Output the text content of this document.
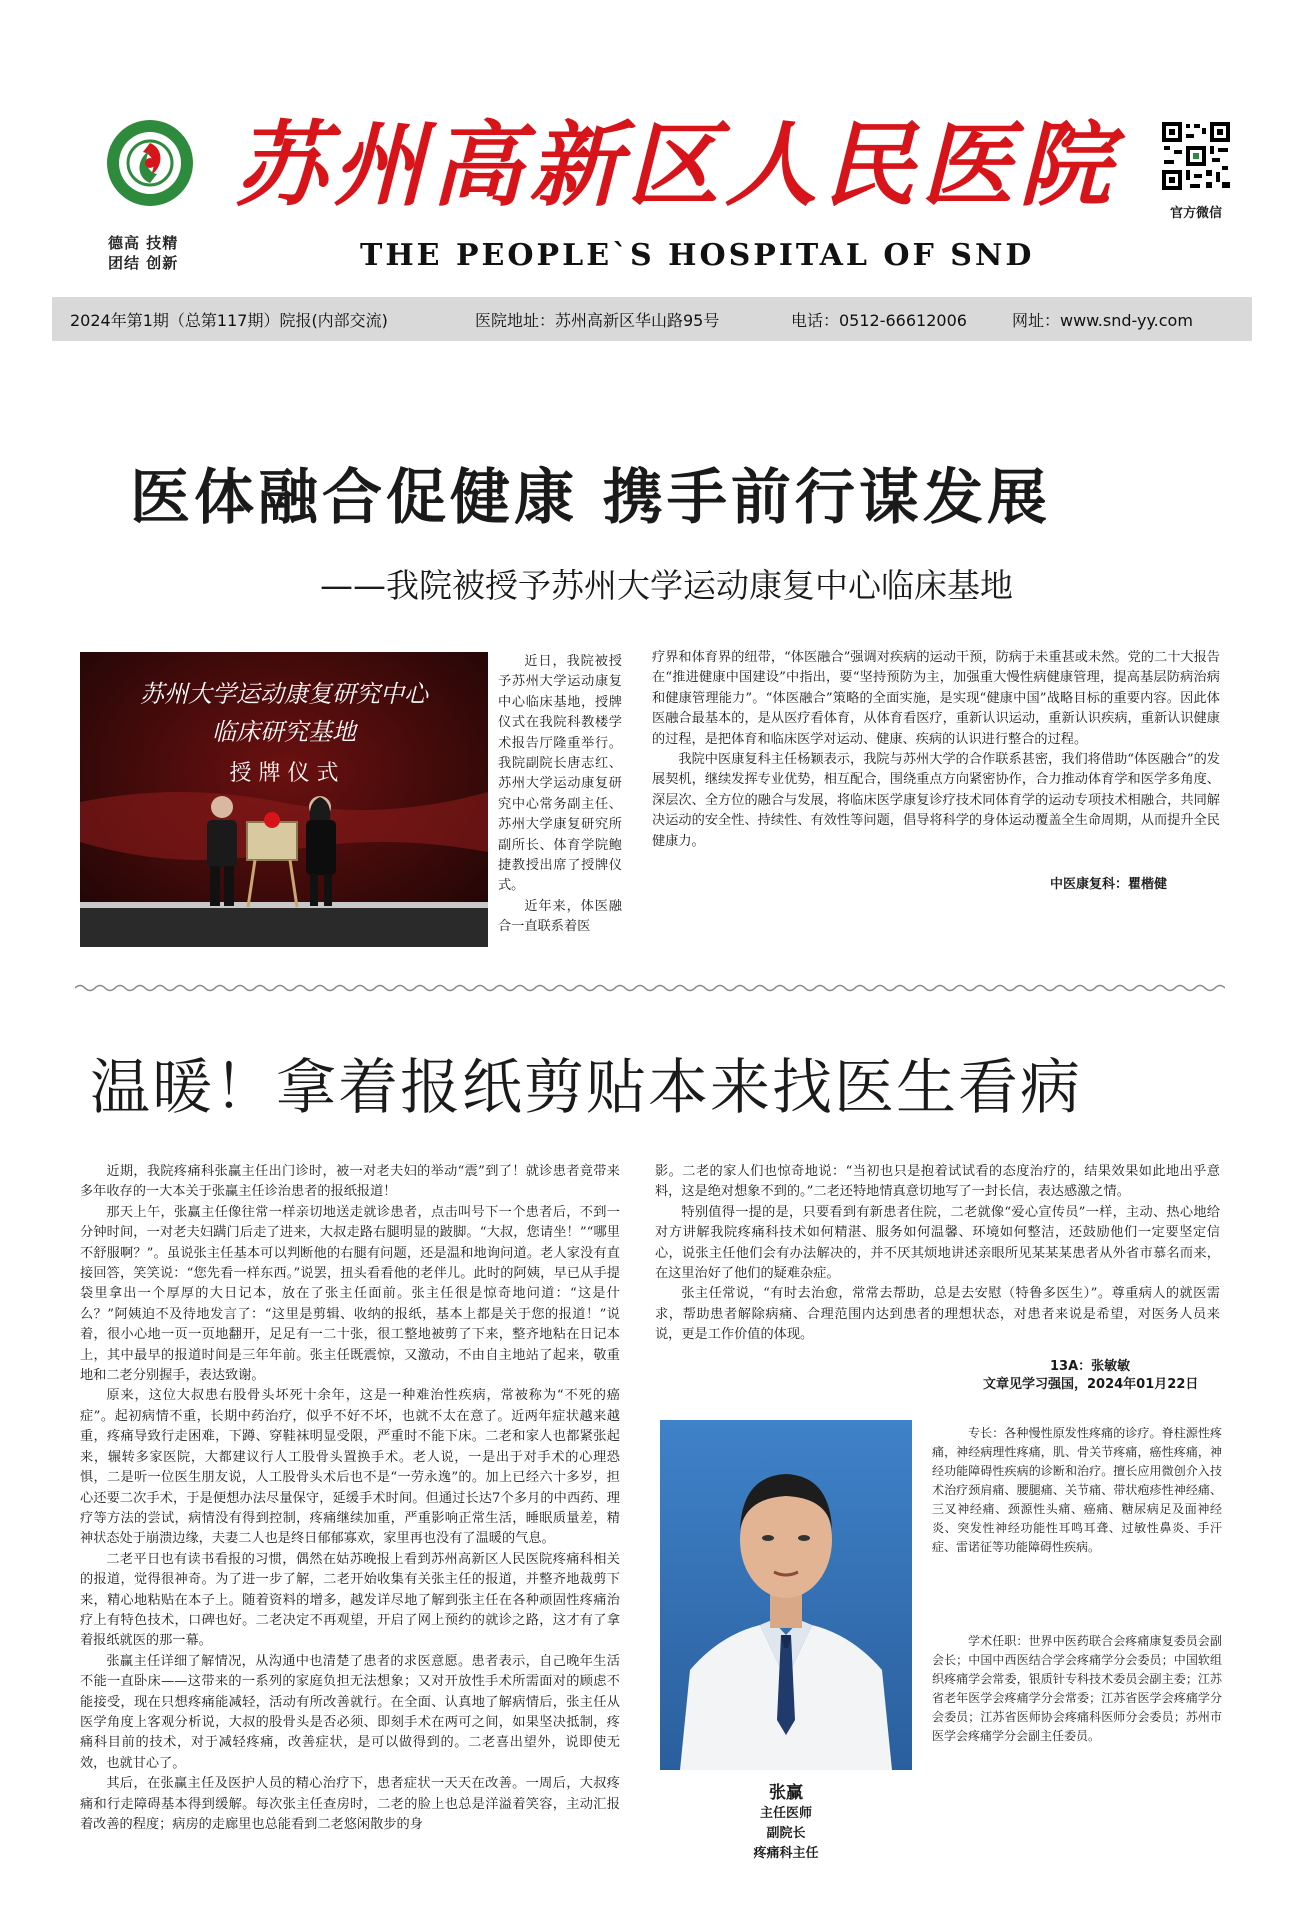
德高 技精
团结 创新
苏州高新区人民医院
THE PEOPLE`S HOSPITAL OF SND
官方微信
2024年第1期（总第117期）院报(内部交流)	医院地址：苏州高新区华山路95号	电话：0512-66612006	网址：www.snd-yy.com
医体融合促健康 携手前行谋发展
——我院被授予苏州大学运动康复中心临床基地
苏州大学运动康复研究中心
临床研究基地
授 牌 仪 式

近日，我院被授予苏州大学运动康复中心临床基地，授牌仪式在我院科教楼学术报告厅隆重举行。我院副院长唐志红、苏州大学运动康复研究中心常务副主任、苏州大学康复研究所副所长、体育学院鲍捷教授出席了授牌仪式。

近年来，体医融合一直联系着医

疗界和体育界的纽带，“体医融合”强调对疾病的运动干预，防病于未重甚或未然。党的二十大报告在“推进健康中国建设”中指出，要“坚持预防为主，加强重大慢性病健康管理，提高基层防病治病和健康管理能力”。“体医融合”策略的全面实施，是实现“健康中国”战略目标的重要内容。因此体医融合最基本的，是从医疗看体育，从体育看医疗，重新认识运动，重新认识疾病，重新认识健康的过程，是把体育和临床医学对运动、健康、疾病的认识进行整合的过程。

我院中医康复科主任杨颖表示，我院与苏州大学的合作联系甚密，我们将借助“体医融合”的发展契机，继续发挥专业优势，相互配合，围绕重点方向紧密协作，合力推动体育学和医学多角度、深层次、全方位的融合与发展，将临床医学康复诊疗技术同体育学的运动专项技术相融合，共同解决运动的安全性、持续性、有效性等问题，倡导将科学的身体运动覆盖全生命周期，从而提升全民健康力。

中医康复科：瞿楷健
温暖！拿着报纸剪贴本来找医生看病

近期，我院疼痛科张赢主任出门诊时，被一对老夫妇的举动“震”到了！就诊患者竟带来多年收存的一大本关于张赢主任诊治患者的报纸报道！

那天上午，张赢主任像往常一样亲切地送走就诊患者，点击叫号下一个患者后，不到一分钟时间，一对老夫妇蹒门后走了进来，大叔走路右腿明显的跛脚。“大叔，您请坐！”“哪里不舒服啊？”。虽说张主任基本可以判断他的右腿有问题，还是温和地询问道。老人家没有直接回答，笑笑说：“您先看一样东西。”说罢，扭头看看他的老伴儿。此时的阿姨，早已从手提袋里拿出一个厚厚的大日记本，放在了张主任面前。张主任很是惊奇地问道：“这是什么？”阿姨迫不及待地发言了：“这里是剪辑、收纳的报纸，基本上都是关于您的报道！”说着，很小心地一页一页地翻开，足足有一二十张，很工整地被剪了下来，整齐地粘在日记本上，其中最早的报道时间是三年年前。张主任既震惊，又激动，不由自主地站了起来，敬重地和二老分别握手，表达致谢。

原来，这位大叔患右股骨头坏死十余年，这是一种难治性疾病，常被称为“不死的癌症”。起初病情不重，长期中药治疗，似乎不好不坏，也就不太在意了。近两年症状越来越重，疼痛导致行走困难，下蹲、穿鞋袜明显受限，严重时不能下床。二老和家人也都紧张起来，辗转多家医院，大都建议行人工股骨头置换手术。老人说，一是出于对手术的心理恐惧，二是听一位医生朋友说，人工股骨头术后也不是“一劳永逸”的。加上已经六十多岁，担心还要二次手术，于是便想办法尽量保守，延缓手术时间。但通过长达7个多月的中西药、理疗等方法的尝试，病情没有得到控制，疼痛继续加重，严重影响正常生活，睡眠质量差，精神状态处于崩溃边缘，夫妻二人也是终日郁郁寡欢，家里再也没有了温暖的气息。

二老平日也有读书看报的习惯，偶然在姑苏晚报上看到苏州高新区人民医院疼痛科相关的报道，觉得很神奇。为了进一步了解，二老开始收集有关张主任的报道，并整齐地裁剪下来，精心地粘贴在本子上。随着资料的增多，越发详尽地了解到张主任在各种顽固性疼痛治疗上有特色技术，口碑也好。二老决定不再观望，开启了网上预约的就诊之路，这才有了拿着报纸就医的那一幕。

张赢主任详细了解情况，从沟通中也清楚了患者的求医意愿。患者表示，自己晚年生活不能一直卧床——这带来的一系列的家庭负担无法想象；又对开放性手术所需面对的顾虑不能接受，现在只想疼痛能减轻，活动有所改善就行。在全面、认真地了解病情后，张主任从医学角度上客观分析说，大叔的股骨头是否必须、即刻手术在两可之间，如果坚决抵制，疼痛科目前的技术，对于减轻疼痛，改善症状，是可以做得到的。二老喜出望外，说即使无效，也就甘心了。

其后，在张赢主任及医护人员的精心治疗下，患者症状一天天在改善。一周后，大叔疼痛和行走障碍基本得到缓解。每次张主任查房时，二老的脸上也总是洋溢着笑容，主动汇报着改善的程度；病房的走廊里也总能看到二老悠闲散步的身

影。二老的家人们也惊奇地说：“当初也只是抱着试试看的态度治疗的，结果效果如此地出乎意料，这是绝对想象不到的。”二老还特地情真意切地写了一封长信，表达感激之情。

特别值得一提的是，只要看到有新患者住院，二老就像“爱心宣传员”一样，主动、热心地给对方讲解我院疼痛科技术如何精湛、服务如何温馨、环境如何整洁，还鼓励他们一定要坚定信心，说张主任他们会有办法解决的，并不厌其烦地讲述亲眼所见某某某患者从外省市慕名而来，在这里治好了他们的疑难杂症。

张主任常说，“有时去治愈，常常去帮助，总是去安慰（特鲁多医生）”。尊重病人的就医需求，帮助患者解除病痛、合理范围内达到患者的理想状态，对患者来说是希望，对医务人员来说，更是工作价值的体现。

13A：张敏敏
文章见学习强国，2024年01月22日
张赢
主任医师
副院长
疼痛科主任

专长：各种慢性原发性疼痛的诊疗。脊柱源性疼痛，神经病理性疼痛，肌、骨关节疼痛，癌性疼痛，神经功能障碍性疾病的诊断和治疗。擅长应用微创介入技术治疗颈肩痛、腰腿痛、关节痛、带状疱疹性神经痛、三叉神经痛、颈源性头痛、癌痛、糖尿病足及面神经炎、突发性神经功能性耳鸣耳聋、过敏性鼻炎、手汗症、雷诺征等功能障碍性疾病。

学术任职：世界中医药联合会疼痛康复委员会副会长；中国中西医结合学会疼痛学分会委员；中国软组织疼痛学会常委，银质针专科技术委员会副主委；江苏省老年医学会疼痛学分会常委；江苏省医学会疼痛学分会委员；江苏省医师协会疼痛科医师分会委员；苏州市医学会疼痛学分会副主任委员。
